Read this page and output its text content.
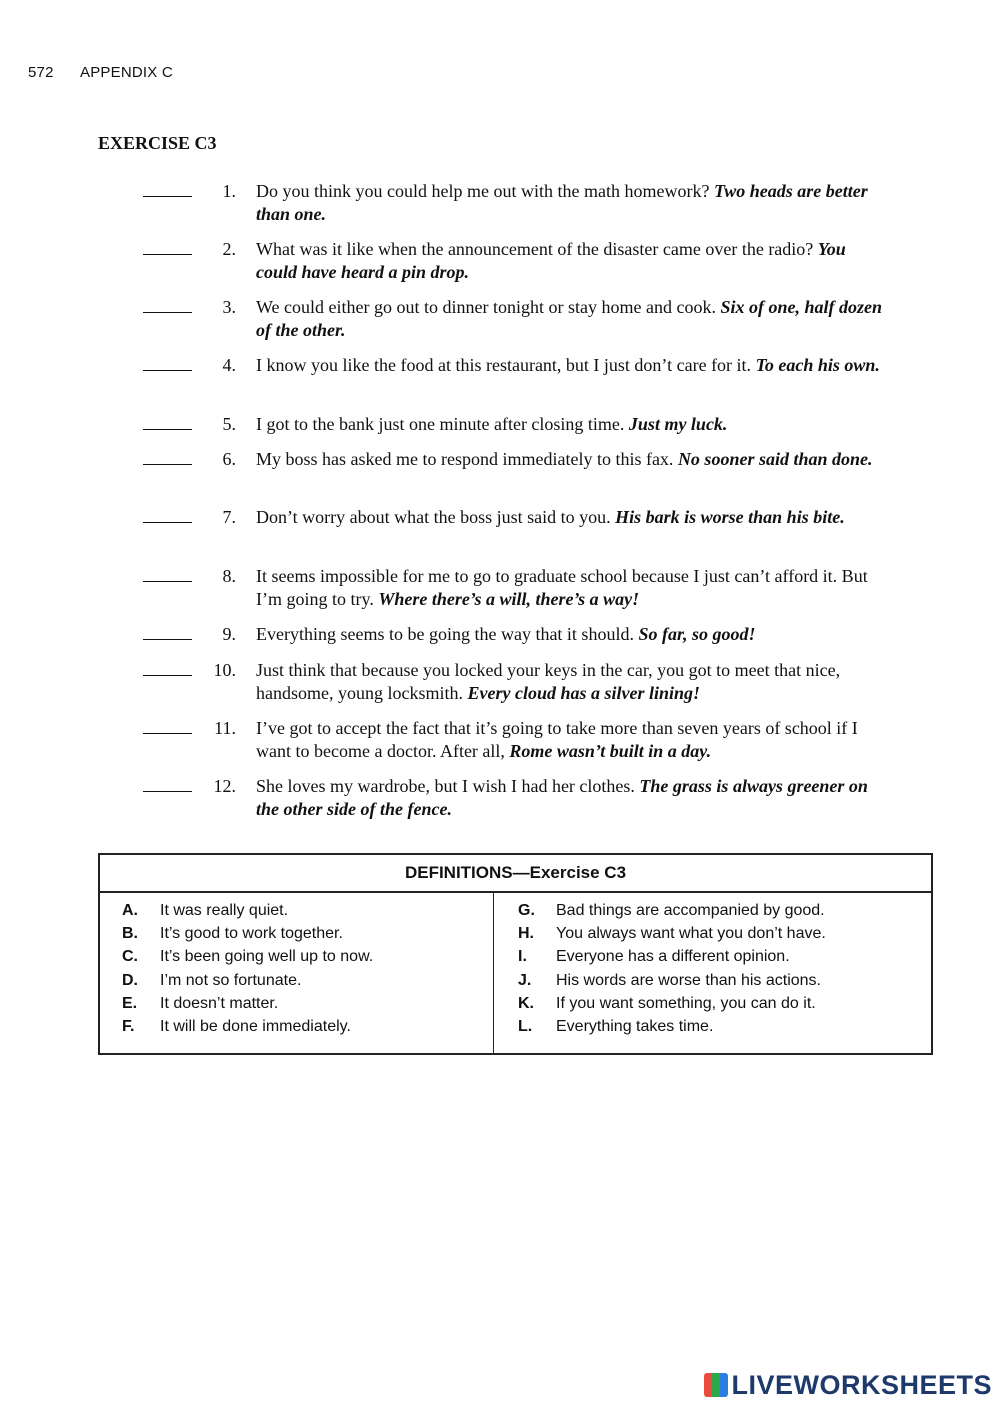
572 APPENDIX C
EXERCISE C3
1. Do you think you could help me out with the math homework? Two heads are better than one.
2. What was it like when the announcement of the disaster came over the radio? You could have heard a pin drop.
3. We could either go out to dinner tonight or stay home and cook. Six of one, half dozen of the other.
4. I know you like the food at this restaurant, but I just don’t care for it. To each his own.
5. I got to the bank just one minute after closing time. Just my luck.
6. My boss has asked me to respond immediately to this fax. No sooner said than done.
7. Don’t worry about what the boss just said to you. His bark is worse than his bite.
8. It seems impossible for me to go to graduate school because I just can’t afford it. But I’m going to try. Where there’s a will, there’s a way!
9. Everything seems to be going the way that it should. So far, so good!
10. Just think that because you locked your keys in the car, you got to meet that nice, handsome, young locksmith. Every cloud has a silver lining!
11. I’ve got to accept the fact that it’s going to take more than seven years of school if I want to become a doctor. After all, Rome wasn’t built in a day.
12. She loves my wardrobe, but I wish I had her clothes. The grass is always greener on the other side of the fence.
DEFINITIONS—Exercise C3
A. It was really quiet.
B. It’s good to work together.
C. It’s been going well up to now.
D. I’m not so fortunate.
E. It doesn’t matter.
F. It will be done immediately.
G. Bad things are accompanied by good.
H. You always want what you don’t have.
I. Everyone has a different opinion.
J. His words are worse than his actions.
K. If you want something, you can do it.
L. Everything takes time.
LIVEWORKSHEETS
